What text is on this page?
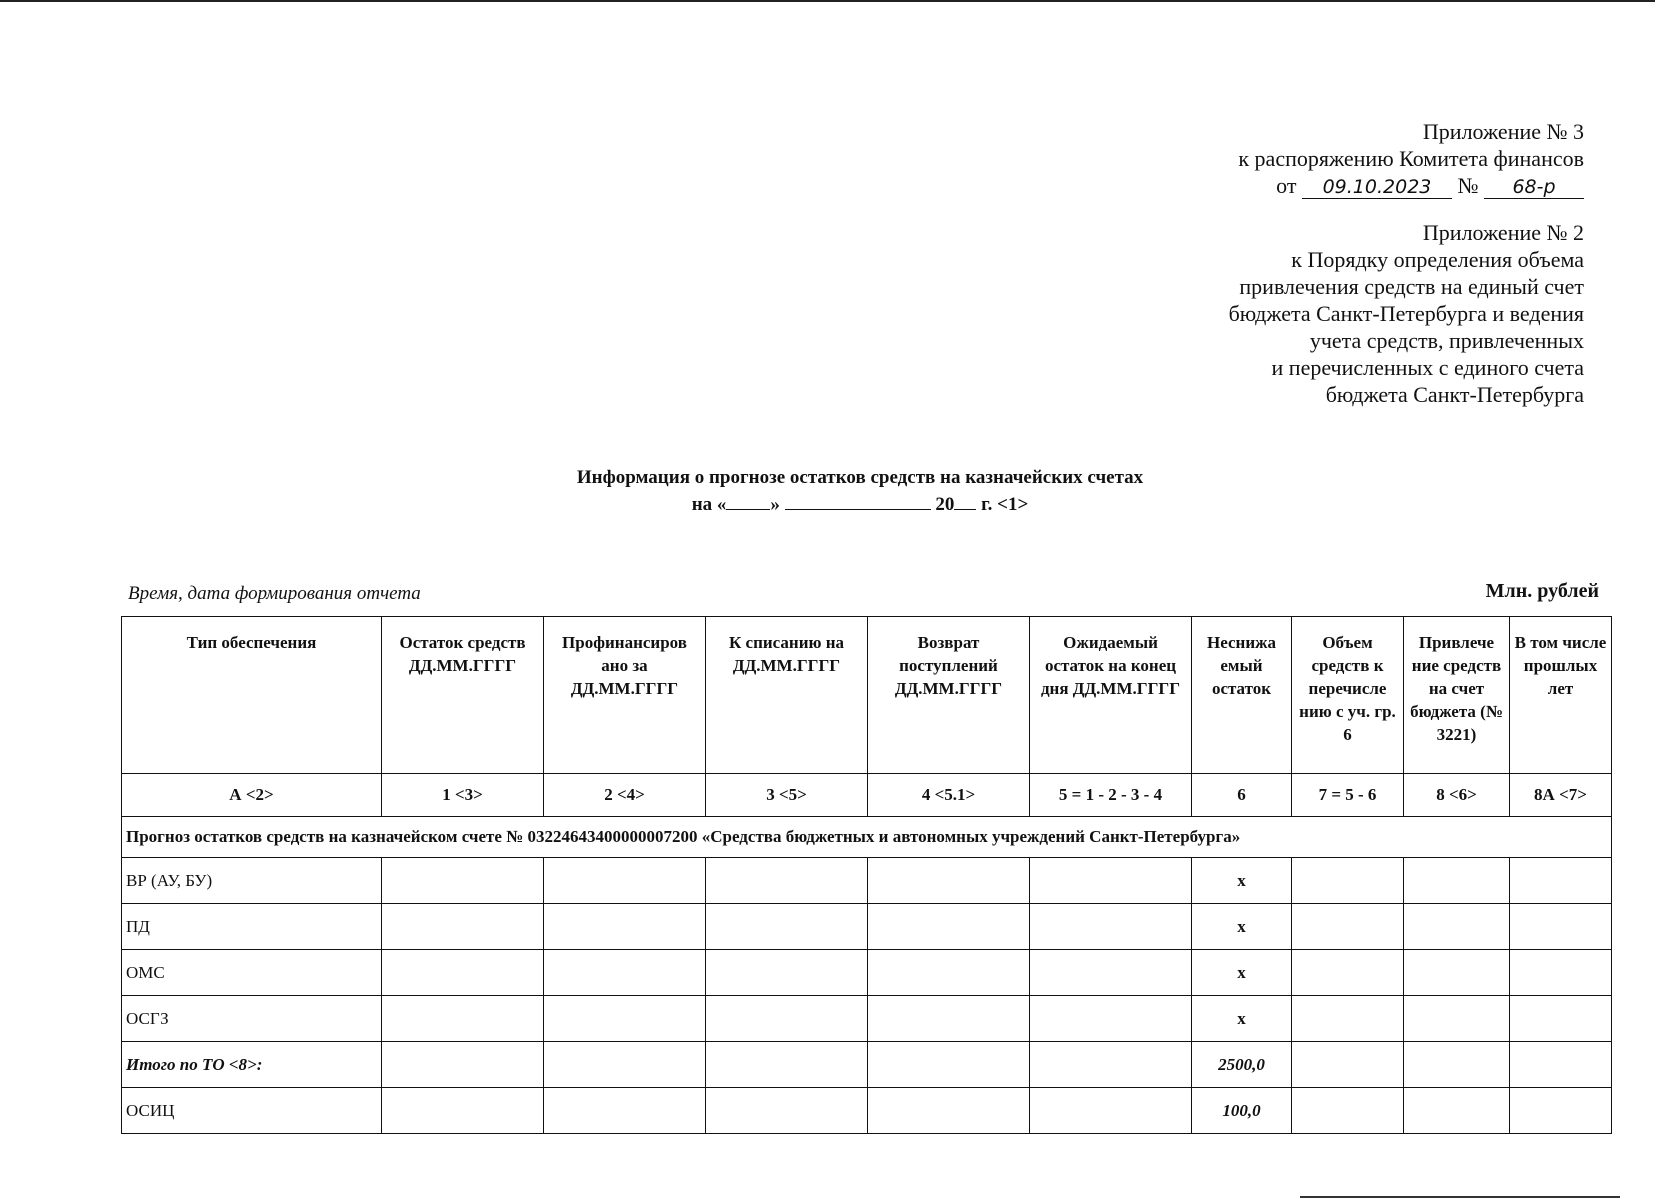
Приложение № 3
к распоряжению Комитета финансов
от 09.10.2023 № 68-р
Приложение № 2
к Порядку определения объема
привлечения средств на единый счет
бюджета Санкт-Петербурга и ведения
учета средств, привлеченных
и перечисленных с единого счета
бюджета Санкт-Петербурга
Информация о прогнозе остатков средств на казначейских счетах
на « »	20 г. <1>
Время, дата формирования отчета	Млн. рублей
Тип обеспечения	Остаток средств ДД.ММ.ГГГГ	Профинансиров ано за ДД.ММ.ГГГГ	К списанию на ДД.ММ.ГГГГ	Возврат поступлений ДД.ММ.ГГГГ	Ожидаемый остаток на конец дня ДД.ММ.ГГГГ	Неснижа емый остаток	Объем средств к перечисле нию с уч. гр. 6	Привлече ние средств на счет бюджета (№ 3221)	В том числе прошлых лет
А <2>	1 <3>	2 <4>	3 <5>	4 <5.1>	5 = 1 - 2 - 3 - 4	6	7 = 5 - 6	8 <6>	8А <7>
Прогноз остатков средств на казначейском счете № 03224643400000007200 «Средства бюджетных и автономных учреждений Санкт-Петербурга»									
ВР (АУ, БУ)						x			
ПД						x			
ОМС						x			
ОСГЗ						x			
Итого по ТО <8>:						2500,0			
ОСИЦ						100,0			
